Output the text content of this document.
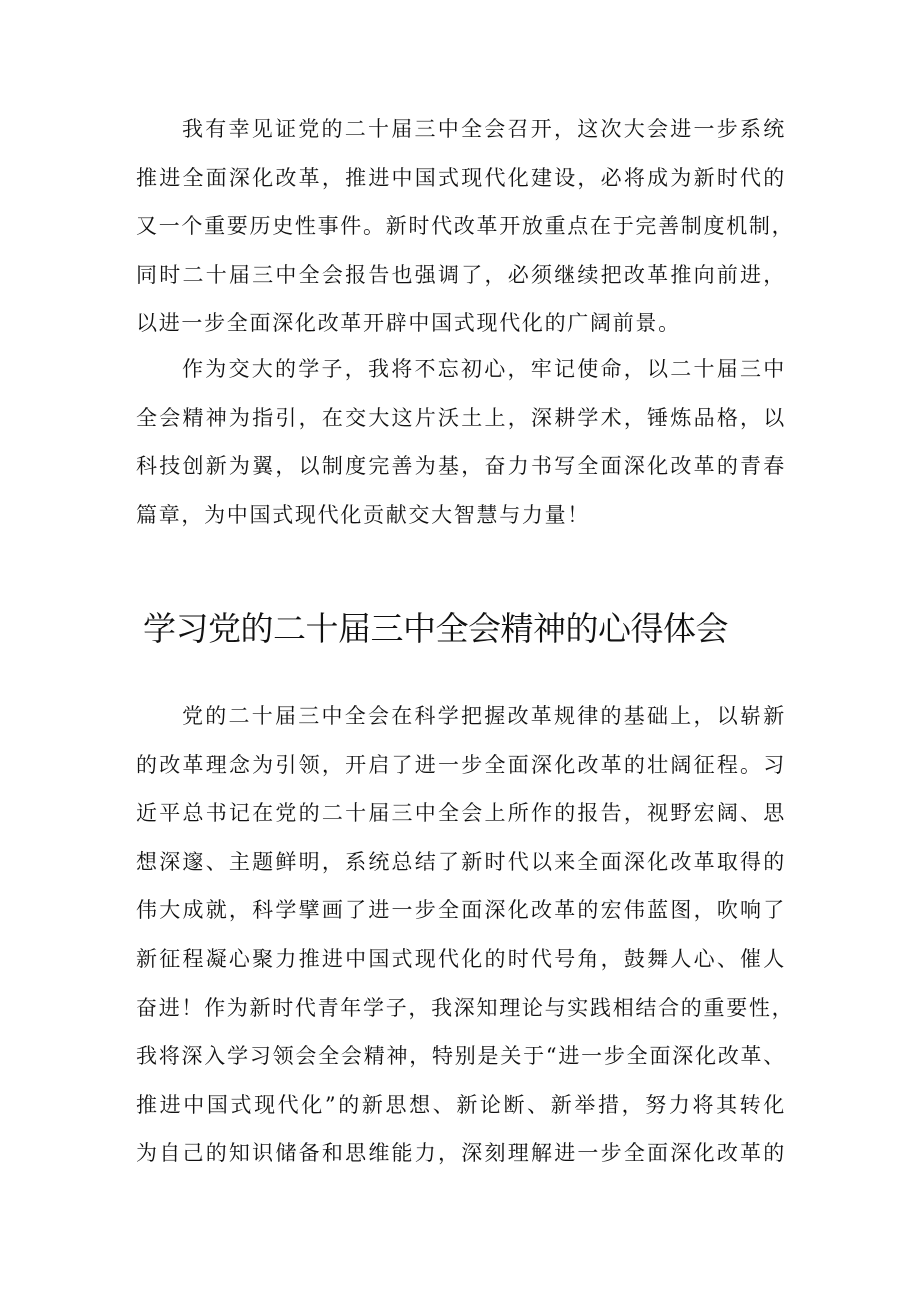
我有幸见证党的二十届三中全会召开，这次大会进一步系统
推进全面深化改革，推进中国式现代化建设，必将成为新时代的
又一个重要历史性事件。新时代改革开放重点在于完善制度机制，
同时二十届三中全会报告也强调了，必须继续把改革推向前进，
以进一步全面深化改革开辟中国式现代化的广阔前景。
作为交大的学子，我将不忘初心，牢记使命，以二十届三中
全会精神为指引，在交大这片沃土上，深耕学术，锤炼品格，以
科技创新为翼，以制度完善为基，奋力书写全面深化改革的青春
篇章，为中国式现代化贡献交大智慧与力量！
学习党的二十届三中全会精神的心得体会
党的二十届三中全会在科学把握改革规律的基础上，以崭新
的改革理念为引领，开启了进一步全面深化改革的壮阔征程。习
近平总书记在党的二十届三中全会上所作的报告，视野宏阔、思
想深邃、主题鲜明，系统总结了新时代以来全面深化改革取得的
伟大成就，科学擘画了进一步全面深化改革的宏伟蓝图，吹响了
新征程凝心聚力推进中国式现代化的时代号角，鼓舞人心、催人
奋进！作为新时代青年学子，我深知理论与实践相结合的重要性，
我将深入学习领会全会精神，特别是关于“进一步全面深化改革、
推进中国式现代化”的新思想、新论断、新举措，努力将其转化
为自己的知识储备和思维能力，深刻理解进一步全面深化改革的
